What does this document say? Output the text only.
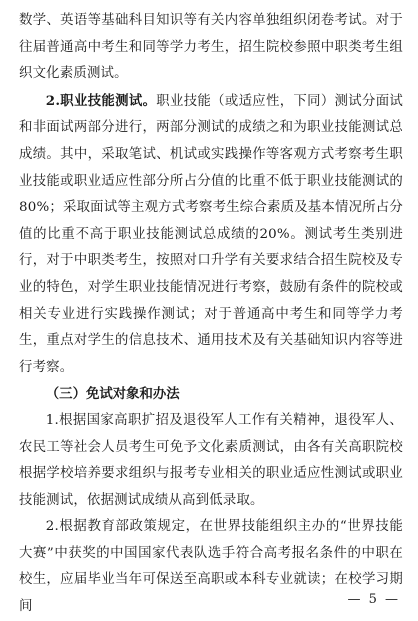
数学、英语等基础科目知识等有关内容单独组织闭卷考试。对于往届普通高中考生和同等学力考生，招生院校参照中职类考生组织文化素质测试。

2.职业技能测试。职业技能（或适应性，下同）测试分面试和非面试两部分进行，两部分测试的成绩之和为职业技能测试总成绩。其中，采取笔试、机试或实践操作等客观方式考察考生职业技能或职业适应性部分所占分值的比重不低于职业技能测试的80%；采取面试等主观方式考察考生综合素质及基本情况所占分值的比重不高于职业技能测试总成绩的20%。测试考生类别进行，对于中职类考生，按照对口升学有关要求结合招生院校及专业的特色，对学生职业技能情况进行考察，鼓励有条件的院校或相关专业进行实践操作测试；对于普通高中考生和同等学力考生，重点对学生的信息技术、通用技术及有关基础知识内容等进行考察。

（三）免试对象和办法

1.根据国家高职扩招及退役军人工作有关精神，退役军人、农民工等社会人员考生可免予文化素质测试，由各有关高职院校根据学校培养要求组织与报考专业相关的职业适应性测试或职业技能测试，依据测试成绩从高到低录取。

2.根据教育部政策规定，在世界技能组织主办的“世界技能大赛”中获奖的中国国家代表队选手符合高考报名条件的中职在校生，应届毕业当年可保送至高职或本科专业就读；在校学习期间	— 5 —
